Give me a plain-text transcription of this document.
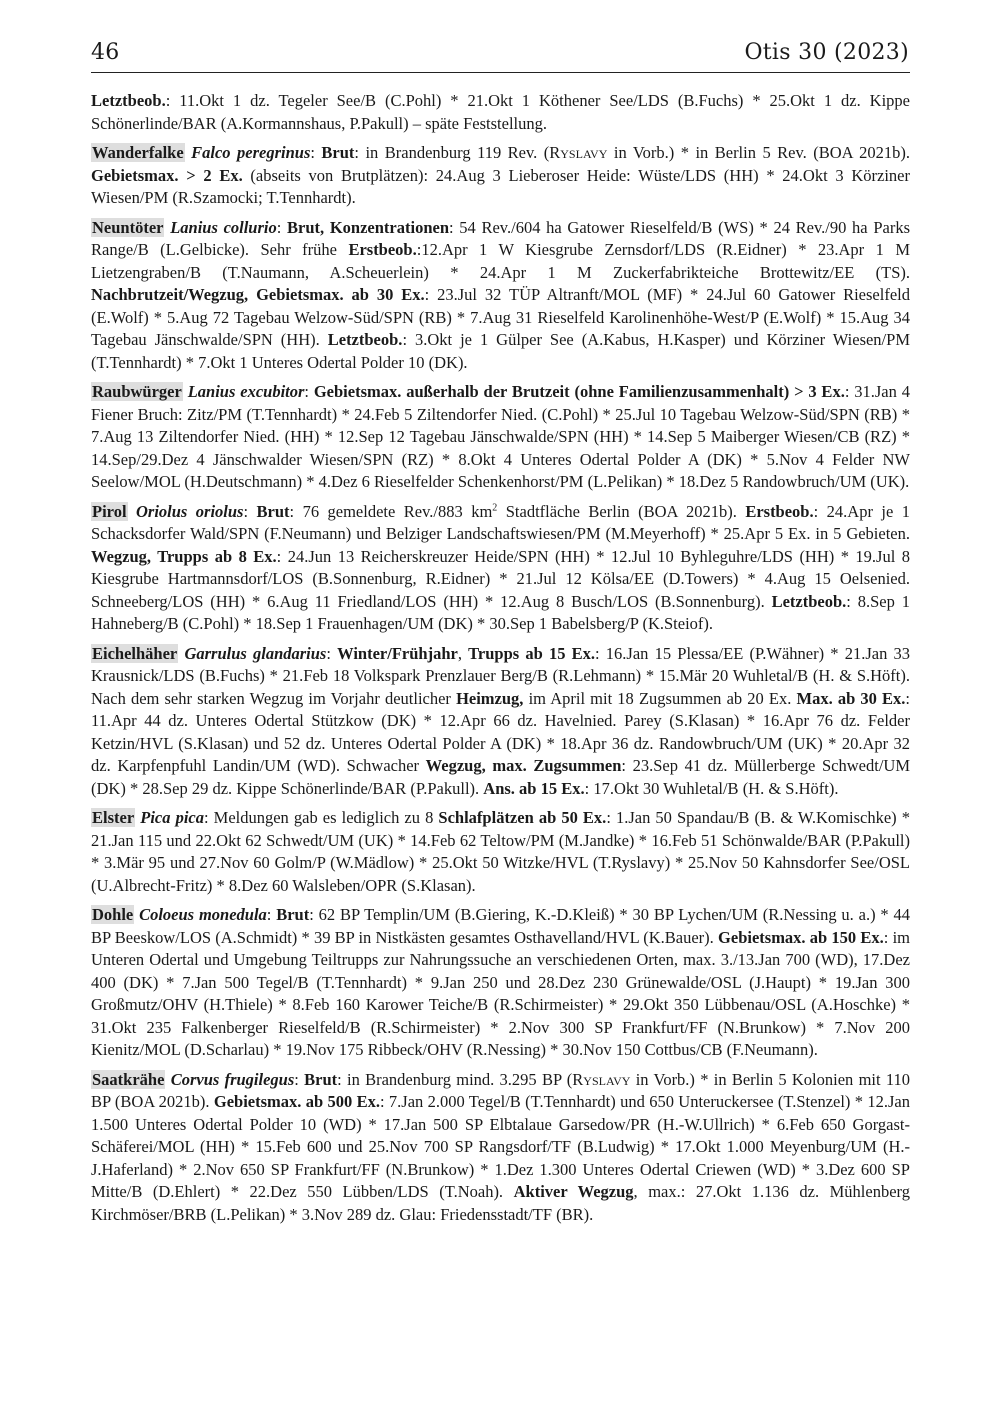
46	Otis 30 (2023)

Letztbeob.: 11.Okt 1 dz. Tegeler See/B (C.Pohl) * 21.Okt 1 Köthener See/LDS (B.Fuchs) * 25.Okt 1 dz. Kippe Schönerlinde/BAR (A.Kormannshaus, P.Pakull) – späte Feststellung.

Wanderfalke Falco peregrinus: Brut: in Brandenburg 119 Rev. (Ryslavy in Vorb.) * in Berlin 5 Rev. (BOA 2021b). Gebietsmax. > 2 Ex. (abseits von Brutplätzen): 24.Aug 3 Lieberoser Heide: Wüste/LDS (HH) * 24.Okt 3 Körziner Wiesen/PM (R.Szamocki; T.Tennhardt).

Neuntöter Lanius collurio: Brut, Konzentrationen: 54 Rev./604 ha Gatower Rieselfeld/B (WS) * 24 Rev./90 ha Parks Range/B (L.Gelbicke). Sehr frühe Erstbeob.:12.Apr 1 W Kiesgrube Zernsdorf/LDS (R.Eidner) * 23.Apr 1 M Lietzengraben/B (T.Naumann, A.Scheuerlein) * 24.Apr 1 M Zuckerfabrikteiche Brottewitz/EE (TS). Nachbrutzeit/Wegzug, Gebietsmax. ab 30 Ex.: 23.Jul 32 TÜP Altranft/MOL (MF) * 24.Jul 60 Gatower Rieselfeld (E.Wolf) * 5.Aug 72 Tagebau Welzow-Süd/SPN (RB) * 7.Aug 31 Rieselfeld Karolinenhöhe-West/P (E.Wolf) * 15.Aug 34 Tagebau Jänschwalde/SPN (HH). Letztbeob.: 3.Okt je 1 Gülper See (A.Kabus, H.Kasper) und Körziner Wiesen/PM (T.Tennhardt) * 7.Okt 1 Unteres Odertal Polder 10 (DK).

Raubwürger Lanius excubitor: Gebietsmax. außerhalb der Brutzeit (ohne Familienzusammenhalt) > 3 Ex.: 31.Jan 4 Fiener Bruch: Zitz/PM (T.Tennhardt) * 24.Feb 5 Ziltendorfer Nied. (C.Pohl) * 25.Jul 10 Tagebau Welzow-Süd/SPN (RB) * 7.Aug 13 Ziltendorfer Nied. (HH) * 12.Sep 12 Tagebau Jänschwalde/SPN (HH) * 14.Sep 5 Maiberger Wiesen/CB (RZ) * 14.Sep/29.Dez 4 Jänschwalder Wiesen/SPN (RZ) * 8.Okt 4 Unteres Odertal Polder A (DK) * 5.Nov 4 Felder NW Seelow/MOL (H.Deutschmann) * 4.Dez 6 Rieselfelder Schenkenhorst/PM (L.Pelikan) * 18.Dez 5 Randowbruch/UM (UK).

Pirol Oriolus oriolus: Brut: 76 gemeldete Rev./883 $km^2$ Stadtfläche Berlin (BOA 2021b). Erstbeob.: 24.Apr je 1 Schacksdorfer Wald/SPN (F.Neumann) und Belziger Landschaftswiesen/PM (M.Meyerhoff) * 25.Apr 5 Ex. in 5 Gebieten. Wegzug, Trupps ab 8 Ex.: 24.Jun 13 Reicherskreuzer Heide/SPN (HH) * 12.Jul 10 Byhleguhre/LDS (HH) * 19.Jul 8 Kiesgrube Hartmannsdorf/LOS (B.Sonnenburg, R.Eidner) * 21.Jul 12 Kölsa/EE (D.Towers) * 4.Aug 15 Oelsenied. Schneeberg/LOS (HH) * 6.Aug 11 Friedland/LOS (HH) * 12.Aug 8 Busch/LOS (B.Sonnenburg). Letztbeob.: 8.Sep 1 Hahneberg/B (C.Pohl) * 18.Sep 1 Frauenhagen/UM (DK) * 30.Sep 1 Babelsberg/P (K.Steiof).

Eichelhäher Garrulus glandarius: Winter/Frühjahr, Trupps ab 15 Ex.: 16.Jan 15 Plessa/EE (P.Wähner) * 21.Jan 33 Krausnick/LDS (B.Fuchs) * 21.Feb 18 Volkspark Prenzlauer Berg/B (R.Lehmann) * 15.Mär 20 Wuhletal/B (H. & S.Höft). Nach dem sehr starken Wegzug im Vorjahr deutlicher Heimzug, im April mit 18 Zugsummen ab 20 Ex. Max. ab 30 Ex.: 11.Apr 44 dz. Unteres Odertal Stützkow (DK) * 12.Apr 66 dz. Havelnied. Parey (S.Klasan) * 16.Apr 76 dz. Felder Ketzin/HVL (S.Klasan) und 52 dz. Unteres Odertal Polder A (DK) * 18.Apr 36 dz. Randowbruch/UM (UK) * 20.Apr 32 dz. Karpfenpfuhl Landin/UM (WD). Schwacher Wegzug, max. Zugsummen: 23.Sep 41 dz. Müllerberge Schwedt/UM (DK) * 28.Sep 29 dz. Kippe Schönerlinde/BAR (P.Pakull). Ans. ab 15 Ex.: 17.Okt 30 Wuhletal/B (H. & S.Höft).

Elster Pica pica: Meldungen gab es lediglich zu 8 Schlafplätzen ab 50 Ex.: 1.Jan 50 Spandau/B (B. & W.Komischke) * 21.Jan 115 und 22.Okt 62 Schwedt/UM (UK) * 14.Feb 62 Teltow/PM (M.Jandke) * 16.Feb 51 Schönwalde/BAR (P.Pakull) * 3.Mär 95 und 27.Nov 60 Golm/P (W.Mädlow) * 25.Okt 50 Witzke/HVL (T.Ryslavy) * 25.Nov 50 Kahnsdorfer See/OSL (U.Albrecht-Fritz) * 8.Dez 60 Walsleben/OPR (S.Klasan).

Dohle Coloeus monedula: Brut: 62 BP Templin/UM (B.Giering, K.-D.Kleiß) * 30 BP Lychen/UM (R.Nessing u. a.) * 44 BP Beeskow/LOS (A.Schmidt) * 39 BP in Nistkästen gesamtes Osthavelland/HVL (K.Bauer). Gebietsmax. ab 150 Ex.: im Unteren Odertal und Umgebung Teiltrupps zur Nahrungssuche an verschiedenen Orten, max. 3./13.Jan 700 (WD), 17.Dez 400 (DK) * 7.Jan 500 Tegel/B (T.Tennhardt) * 9.Jan 250 und 28.Dez 230 Grünewalde/OSL (J.Haupt) * 19.Jan 300 Großmutz/OHV (H.Thiele) * 8.Feb 160 Karower Teiche/B (R.Schirmeister) * 29.Okt 350 Lübbenau/OSL (A.Hoschke) * 31.Okt 235 Falkenberger Rieselfeld/B (R.Schirmeister) * 2.Nov 300 SP Frankfurt/FF (N.Brunkow) * 7.Nov 200 Kienitz/MOL (D.Scharlau) * 19.Nov 175 Ribbeck/OHV (R.Nessing) * 30.Nov 150 Cottbus/CB (F.Neumann).

Saatkrähe Corvus frugilegus: Brut: in Brandenburg mind. 3.295 BP (Ryslavy in Vorb.) * in Berlin 5 Kolonien mit 110 BP (BOA 2021b). Gebietsmax. ab 500 Ex.: 7.Jan 2.000 Tegel/B (T.Tennhardt) und 650 Unteruckersee (T.Stenzel) * 12.Jan 1.500 Unteres Odertal Polder 10 (WD) * 17.Jan 500 SP Elbtalaue Garsedow/PR (H.-W.Ullrich) * 6.Feb 650 Gorgast-Schäferei/MOL (HH) * 15.Feb 600 und 25.Nov 700 SP Rangsdorf/TF (B.Ludwig) * 17.Okt 1.000 Meyenburg/UM (H.-J.Haferland) * 2.Nov 650 SP Frankfurt/FF (N.Brunkow) * 1.Dez 1.300 Unteres Odertal Criewen (WD) * 3.Dez 600 SP Mitte/B (D.Ehlert) * 22.Dez 550 Lübben/LDS (T.Noah). Aktiver Wegzug, max.: 27.Okt 1.136 dz. Mühlenberg Kirchmöser/BRB (L.Pelikan) * 3.Nov 289 dz. Glau: Friedensstadt/TF (BR).
